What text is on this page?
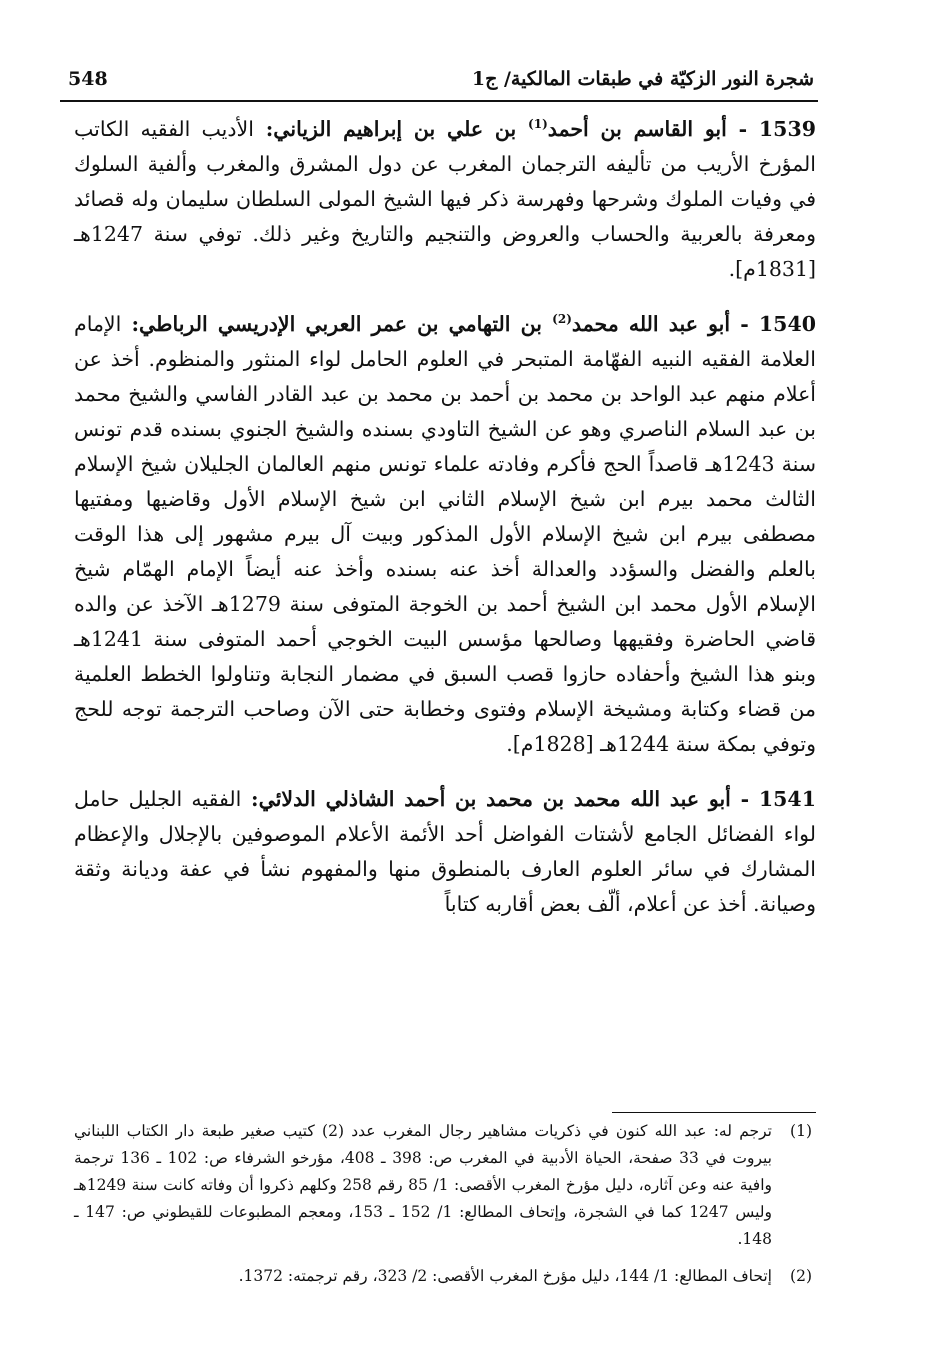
548	شجرة النور الزكيّة في طبقات المالكية/ ج1

1539 - أبو القاسم بن أحمد$^{(1)}$ بن علي بن إبراهيم الزياني: الأديب الفقيه الكاتب المؤرخ الأريب من تأليفه الترجمان المغرب عن دول المشرق والمغرب وألفية السلوك في وفيات الملوك وشرحها وفهرسة ذكر فيها الشيخ المولى السلطان سليمان وله قصائد ومعرفة بالعربية والحساب والعروض والتنجيم والتاريخ وغير ذلك. توفي سنة 1247هـ [1831م].

1540 - أبو عبد الله محمد$^{(2)}$ بن التهامي بن عمر العربي الإدريسي الرباطي: الإمام العلامة الفقيه النبيه الفهّامة المتبحر في العلوم الحامل لواء المنثور والمنظوم. أخذ عن أعلام منهم عبد الواحد بن محمد بن أحمد بن محمد بن عبد القادر الفاسي والشيخ محمد بن عبد السلام الناصري وهو عن الشيخ التاودي بسنده والشيخ الجنوي بسنده قدم تونس سنة 1243هـ قاصداً الحج فأكرم وفادته علماء تونس منهم العالمان الجليلان شيخ الإسلام الثالث محمد بيرم ابن شيخ الإسلام الثاني ابن شيخ الإسلام الأول وقاضيها ومفتيها مصطفى بيرم ابن شيخ الإسلام الأول المذكور وبيت آل بيرم مشهور إلى هذا الوقت بالعلم والفضل والسؤدد والعدالة أخذ عنه بسنده وأخذ عنه أيضاً الإمام الهمّام شيخ الإسلام الأول محمد ابن الشيخ أحمد بن الخوجة المتوفى سنة 1279هـ الآخذ عن والده قاضي الحاضرة وفقيهها وصالحها مؤسس البيت الخوجي أحمد المتوفى سنة 1241هـ وبنو هذا الشيخ وأحفاده حازوا قصب السبق في مضمار النجابة وتناولوا الخطط العلمية من قضاء وكتابة ومشيخة الإسلام وفتوى وخطابة حتى الآن وصاحب الترجمة توجه للحج وتوفي بمكة سنة 1244هـ [1828م].

1541 - أبو عبد الله محمد بن محمد بن أحمد الشاذلي الدلائي: الفقيه الجليل حامل لواء الفضائل الجامع لأشتات الفواضل أحد الأئمة الأعلام الموصوفين بالإجلال والإعظام المشارك في سائر العلوم العارف بالمنطوق منها والمفهوم نشأ في عفة وديانة وثقة وصيانة. أخذ عن أعلام، ألّف بعض أقاربه كتاباً

(1)
ترجم له: عبد الله كنون في ذكريات مشاهير رجال المغرب عدد (2) كتيب صغير طبعة دار الكتاب اللبناني بيروت في 33 صفحة، الحياة الأدبية في المغرب ص: 398 ـ 408، مؤرخو الشرفاء ص: 102 ـ 136 ترجمة وافية عنه وعن آثاره، دليل مؤرخ المغرب الأقصى: 1/ 85 رقم 258 وكلهم ذكروا أن وفاته كانت سنة 1249هـ وليس 1247 كما في الشجرة، وإتحاف المطالع: 1/ 152 ـ 153، ومعجم المطبوعات للقيطوني ص: 147 ـ 148.
(2)
إتحاف المطالع: 1/ 144، دليل مؤرخ المغرب الأقصى: 2/ 323، رقم ترجمته: 1372.
